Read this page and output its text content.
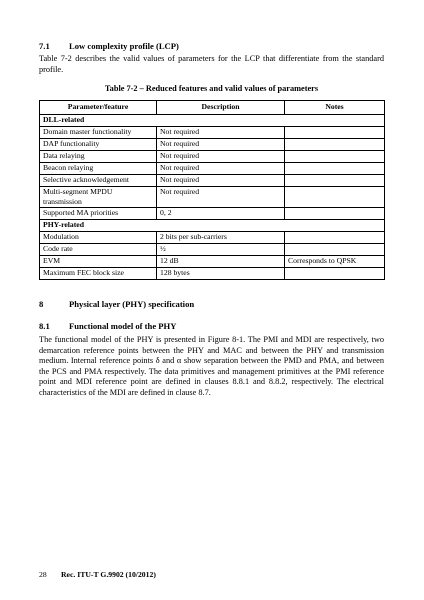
7.1 Low complexity profile (LCP)
Table 7-2 describes the valid values of parameters for the LCP that differentiate from the standard profile.
Table 7-2 – Reduced features and valid values of parameters
Parameter/feature	Description	Notes
DLL-related		
Domain master functionality	Not required	
DAP functionality	Not required	
Data relaying	Not required	
Beacon relaying	Not required	
Selective acknowledgement	Not required	
Multi-segment MPDU transmission	Not required	
Supported MA priorities	0, 2	
PHY-related		
Modulation	2 bits per sub-carriers	
Code rate	½	
EVM	12 dB	Corresponds to QPSK
Maximum FEC block size	128 bytes	
8	Physical layer (PHY) specification
8.1 Functional model of the PHY
The functional model of the PHY is presented in Figure 8-1. The PMI and MDI are respectively, two demarcation reference points between the PHY and MAC and between the PHY and transmission medium. Internal reference points δ and α show separation between the PMD and PMA, and between the PCS and PMA respectively. The data primitives and management primitives at the PMI reference point and MDI reference point are defined in clauses 8.8.1 and 8.8.2, respectively. The electrical characteristics of the MDI are defined in clause 8.7.
28 Rec. ITU-T G.9902 (10/2012)
